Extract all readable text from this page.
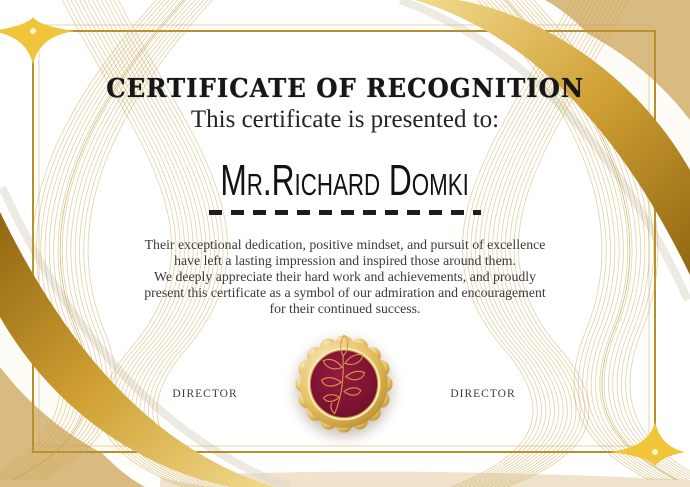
CERTIFICATE OF RECOGNITION
This certificate is presented to:
Mr.Richard Domki
Their exceptional dedication, positive mindset, and pursuit of excellence
have left a lasting impression and inspired those around them.
We deeply appreciate their hard work and achievements, and proudly
present this certificate as a symbol of our admiration and encouragement
for their continued success.
DIRECTOR	DIRECTOR
